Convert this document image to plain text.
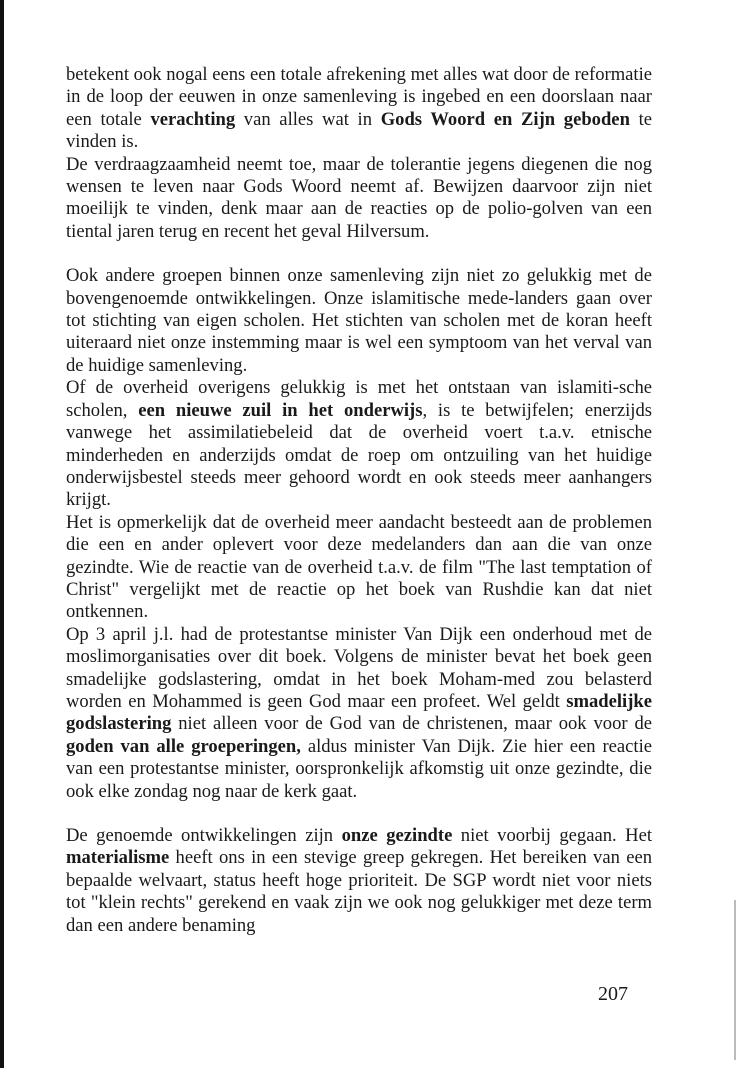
betekent ook nogal eens een totale afrekening met alles wat door de reformatie in de loop der eeuwen in onze samenleving is ingebed en een doorslaan naar een totale verachting van alles wat in Gods Woord en Zijn geboden te vinden is.

De verdraagzaamheid neemt toe, maar de tolerantie jegens diegenen die nog wensen te leven naar Gods Woord neemt af. Bewijzen daarvoor zijn niet moeilijk te vinden, denk maar aan de reacties op de polio-golven van een tiental jaren terug en recent het geval Hilversum.

Ook andere groepen binnen onze samenleving zijn niet zo gelukkig met de bovengenoemde ontwikkelingen. Onze islamitische mede-landers gaan over tot stichting van eigen scholen. Het stichten van scholen met de koran heeft uiteraard niet onze instemming maar is wel een symptoom van het verval van de huidige samenleving.

Of de overheid overigens gelukkig is met het ontstaan van islamiti-sche scholen, een nieuwe zuil in het onderwijs, is te betwijfelen; enerzijds vanwege het assimilatiebeleid dat de overheid voert t.a.v. etnische minderheden en anderzijds omdat de roep om ontzuiling van het huidige onderwijsbestel steeds meer gehoord wordt en ook steeds meer aanhangers krijgt.

Het is opmerkelijk dat de overheid meer aandacht besteedt aan de problemen die een en ander oplevert voor deze medelanders dan aan die van onze gezindte. Wie de reactie van de overheid t.a.v. de film "The last temptation of Christ" vergelijkt met de reactie op het boek van Rushdie kan dat niet ontkennen.

Op 3 april j.l. had de protestantse minister Van Dijk een onderhoud met de moslimorganisaties over dit boek. Volgens de minister bevat het boek geen smadelijke godslastering, omdat in het boek Moham-med zou belasterd worden en Mohammed is geen God maar een profeet. Wel geldt smadelijke godslastering niet alleen voor de God van de christenen, maar ook voor de goden van alle groeperingen, aldus minister Van Dijk. Zie hier een reactie van een protestantse minister, oorspronkelijk afkomstig uit onze gezindte, die ook elke zondag nog naar de kerk gaat.

De genoemde ontwikkelingen zijn onze gezindte niet voorbij gegaan. Het materialisme heeft ons in een stevige greep gekregen. Het bereiken van een bepaalde welvaart, status heeft hoge prioriteit. De SGP wordt niet voor niets tot "klein rechts" gerekend en vaak zijn we ook nog gelukkiger met deze term dan een andere benaming

207
